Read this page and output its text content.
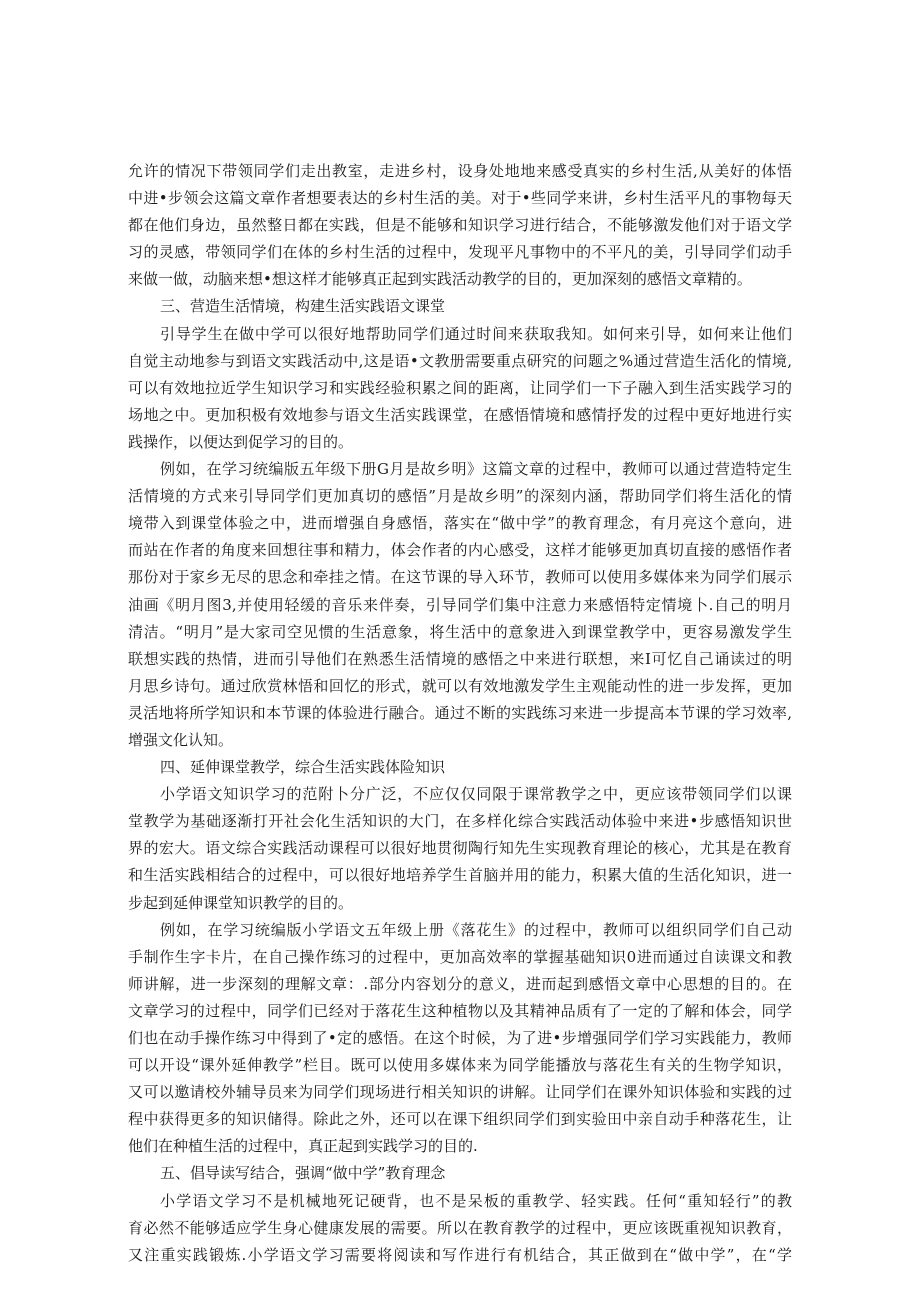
允许的情况下带领同学们走出教室，走进乡村，设身处地地来感受真实的乡村生活,从美好的体悟
中进•步领会这篇文章作者想要表达的乡村生活的美。对于•些同学来讲，乡村生活平凡的事物每天
都在他们身边，虽然整日都在实践，但是不能够和知识学习进行结合，不能够激发他们对于语文学
习的灵感，带领同学们在体的乡村生活的过程中，发现平凡事物中的不平凡的美，引导同学们动手
来做一做，动脑来想•想这样才能够真正起到实践活动教学的目的，更加深刻的感悟文章精的。
三、营造生活情境，构建生活实践语文课堂
引导学生在做中学可以很好地帮助同学们通过时间来获取我知。如何来引导，如何来让他们
自觉主动地参与到语文实践活动中,这是语•文教册需要重点研究的问题之%通过营造生活化的情境,
可以有效地拉近学生知识学习和实践经验积累之间的距离，让同学们一下子融入到生活实践学习的
场地之中。更加积极有效地参与语文生活实践课堂，在感悟情境和感情抒发的过程中更好地进行实
践操作，以便达到促学习的目的。
例如，在学习统编版五年级下册G月是故乡明》这篇文章的过程中，教师可以通过营造特定生
活情境的方式来引导同学们更加真切的感悟”月是故乡明”的深刻内涵，帮助同学们将生活化的情
境带入到课堂体验之中，进而增强自身感悟，落实在“做中学”的教育理念，有月亮这个意向，进
而站在作者的角度来回想往事和精力，体会作者的内心感受，这样才能够更加真切直接的感悟作者
那份对于家乡无尽的思念和牵挂之情。在这节课的导入环节，教师可以使用多媒体来为同学们展示
油画《明月图3,并使用轻缓的音乐来伴奏，引导同学们集中注意力来感悟特定情境卜.自己的明月
清洁。“明月”是大家司空见惯的生活意象，将生活中的意象进入到课堂教学中，更容易激发学生
联想实践的热情，进而引导他们在熟悉生活情境的感悟之中来进行联想，来I可忆自己诵读过的明
月思乡诗句。通过欣赏林悟和回忆的形式，就可以有效地激发学生主观能动性的进一步发挥，更加
灵活地将所学知识和本节课的体验进行融合。通过不断的实践练习来进一步提高本节课的学习效率,
增强文化认知。
四、延伸课堂教学，综合生活实践体险知识
小学语文知识学习的范附卜分广泛，不应仅仅同限于课常教学之中，更应该带领同学们以课
堂教学为基础逐渐打开社会化生活知识的大门，在多样化综合实践活动体验中来进•步感悟知识世
界的宏大。语文综合实践活动课程可以很好地贯彻陶行知先生实现教育理论的核心，尤其是在教育
和生活实践相结合的过程中，可以很好地培养学生首脑并用的能力，积累大值的生活化知识，进一
步起到延伸课堂知识教学的目的。
例如，在学习统编版小学语文五年级上册《落花生》的过程中，教师可以组织同学们自己动
手制作生字卡片，在自己操作练习的过程中，更加高效率的掌握基础知识0进而通过自读课文和教
师讲解，进一步深刻的理解文章：.部分内容划分的意义，进而起到感悟文章中心思想的目的。在
文章学习的过程中，同学们已经对于落花生这种植物以及其精神品质有了一定的了解和体会，同学
们也在动手操作练习中得到了•定的感悟。在这个时候，为了进•步增强同学们学习实践能力，教师
可以开设“课外延伸教学”栏目。既可以使用多媒体来为同学能播放与落花生有关的生物学知识，
又可以邀请校外辅导员来为同学们现场进行相关知识的讲解。让同学们在课外知识体验和实践的过
程中获得更多的知识储得。除此之外，还可以在课下组织同学们到实验田中亲自动手种落花生，让
他们在种植生活的过程中，真正起到实践学习的目的.
五、倡导读写结合，强调“做中学”教育理念
小学语文学习不是机械地死记硬背，也不是呆板的重教学、轻实践。任何“重知轻行”的教
育必然不能够适应学生身心健康发展的需要。所以在教育教学的过程中，更应该既重视知识教育，
又注重实践锻炼.小学语文学习需要将阅读和写作进行有机结合，其正做到在“做中学”，在“学
